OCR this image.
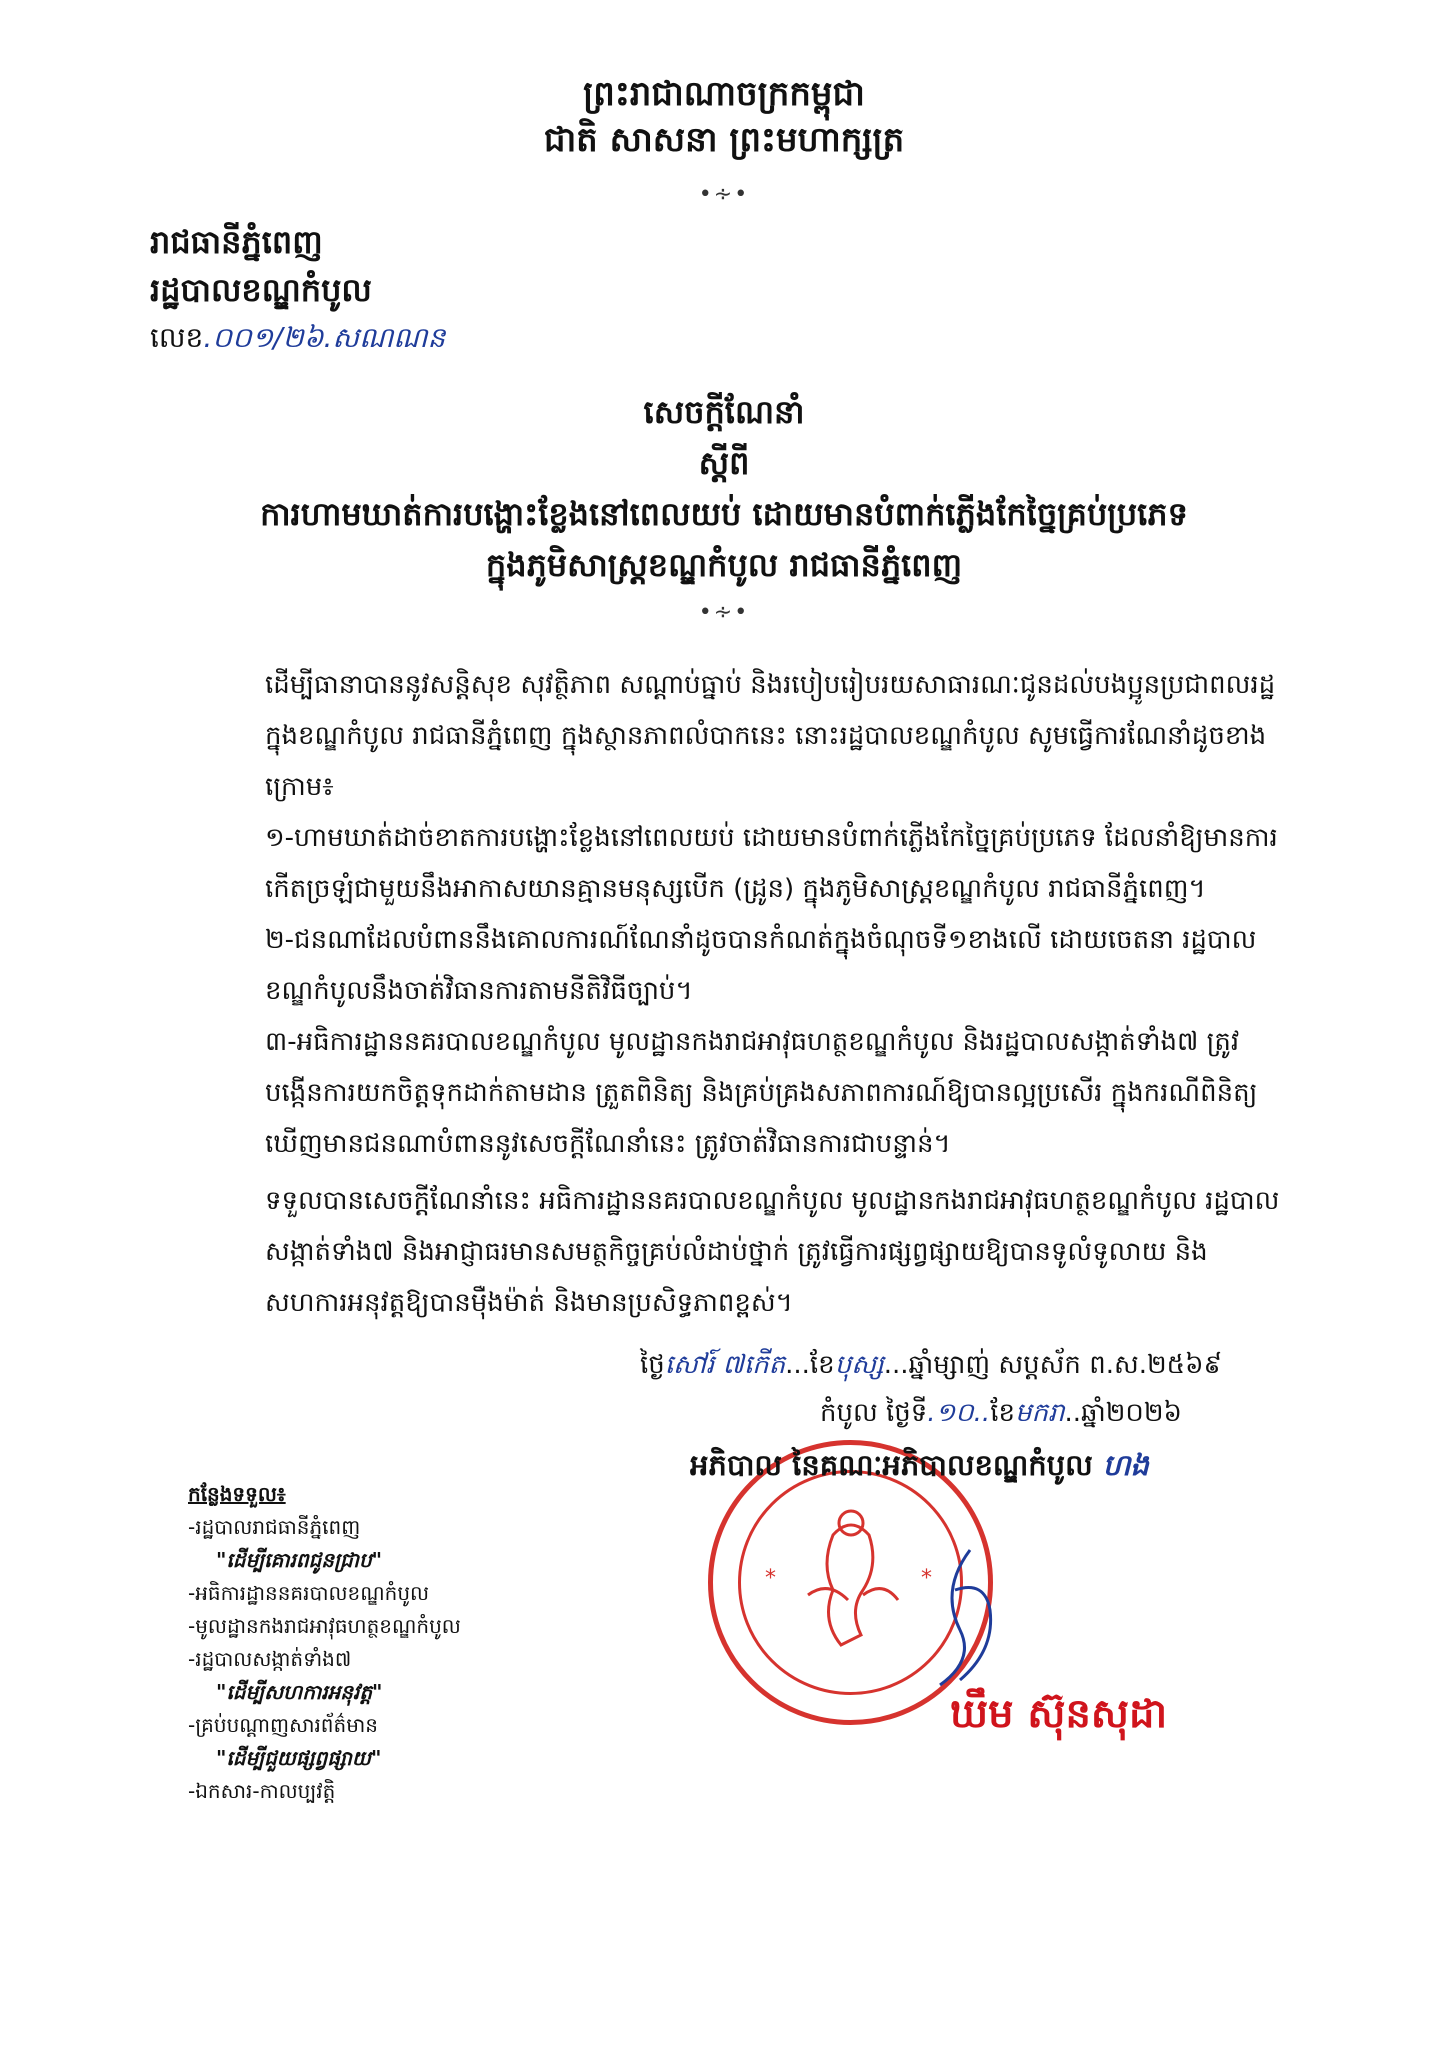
ព្រះរាជាណាចក្រកម្ពុជា
ជាតិ សាសនា ព្រះមហាក្សត្រ
•∻•
រាជធានីភ្នំពេញ
រដ្ឋបាលខណ្ឌកំបូល
លេខ.០០១/២៦.សណណន
សេចក្តីណែនាំ
ស្តីពី
ការហាមឃាត់ការបង្ហោះខ្លែងនៅពេលយប់ ដោយមានបំពាក់ភ្លើងកែច្នៃគ្រប់ប្រភេទ
ក្នុងភូមិសាស្ត្រខណ្ឌកំបូល រាជធានីភ្នំពេញ
•∻•

ដើម្បីធានាបាននូវសន្តិសុខ សុវត្ថិភាព សណ្តាប់ធ្នាប់ និងរបៀបរៀបរយសាធារណៈជូនដល់បងប្អូនប្រជាពលរដ្ឋក្នុងខណ្ឌកំបូល រាជធានីភ្នំពេញ ក្នុងស្ថានភាពលំបាកនេះ នោះរដ្ឋបាលខណ្ឌកំបូល សូមធ្វើការណែនាំដូចខាងក្រោម៖

១-ហាមឃាត់ដាច់ខាតការបង្ហោះខ្លែងនៅពេលយប់ ដោយមានបំពាក់ភ្លើងកែច្នៃគ្រប់ប្រភេទ ដែលនាំឱ្យមានការកើតច្រឡំជាមួយនឹងអាកាសយានគ្មានមនុស្សបើក (ដ្រូន) ក្នុងភូមិសាស្ត្រខណ្ឌកំបូល រាជធានីភ្នំពេញ។

២-ជនណាដែលបំពាននឹងគោលការណ៍ណែនាំដូចបានកំណត់ក្នុងចំណុចទី១ខាងលើ ដោយចេតនា រដ្ឋបាលខណ្ឌកំបូលនឹងចាត់វិធានការតាមនីតិវិធីច្បាប់។

៣-អធិការដ្ឋាននគរបាលខណ្ឌកំបូល មូលដ្ឋានកងរាជអាវុធហត្ថខណ្ឌកំបូល និងរដ្ឋបាលសង្កាត់ទាំង៧ ត្រូវបង្កើនការយកចិត្តទុកដាក់តាមដាន ត្រួតពិនិត្យ និងគ្រប់គ្រងសភាពការណ៍ឱ្យបានល្អប្រសើរ ក្នុងករណីពិនិត្យឃើញមានជនណាបំពាននូវសេចក្តីណែនាំនេះ ត្រូវចាត់វិធានការជាបន្ទាន់។

ទទួលបានសេចក្តីណែនាំនេះ អធិការដ្ឋាននគរបាលខណ្ឌកំបូល មូលដ្ឋានកងរាជអាវុធហត្ថខណ្ឌកំបូល រដ្ឋបាលសង្កាត់ទាំង៧ និងអាជ្ញាធរមានសមត្ថកិច្ចគ្រប់លំដាប់ថ្នាក់ ត្រូវធ្វើការផ្សព្វផ្សាយឱ្យបានទូលំទូលាយ និងសហការអនុវត្តឱ្យបានម៉ឺងម៉ាត់ និងមានប្រសិទ្ធភាពខ្ពស់។

ថ្ងៃសៅរ៍ ៧កើត...ខែបុស្ស...ឆ្នាំម្សាញ់ សប្តស័ក ព.ស.២៥៦៩
កំបូល ថ្ងៃទី.១០..ខែមករា..ឆ្នាំ២០២៦
*	*
អភិបាល នៃគណៈអភិបាលខណ្ឌកំបូល ហង
ឃឹម ស៊ុនសុដា
កន្លែងទទួល៖
-រដ្ឋបាលរាជធានីភ្នំពេញ
"ដើម្បីគោរពជូនជ្រាប"
-អធិការដ្ឋាននគរបាលខណ្ឌកំបូល
-មូលដ្ឋានកងរាជអាវុធហត្ថខណ្ឌកំបូល
-រដ្ឋបាលសង្កាត់ទាំង៧
"ដើម្បីសហការអនុវត្ត"
-គ្រប់បណ្តាញសារព័ត៌មាន
"ដើម្បីជួយផ្សព្វផ្សាយ"
-ឯកសារ-កាលប្បវត្តិ
